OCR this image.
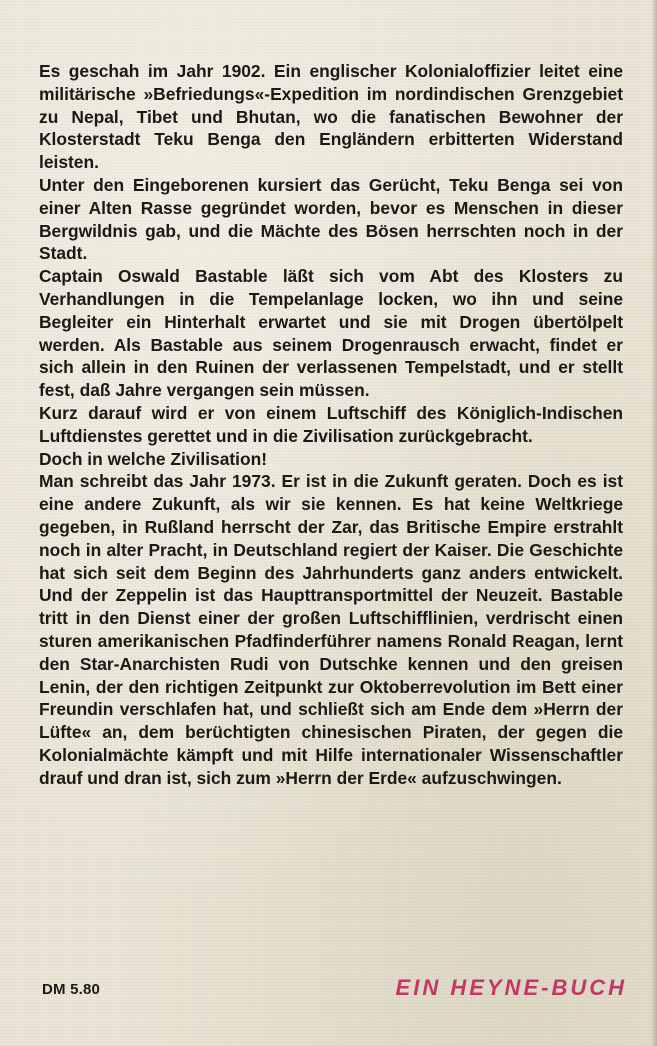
Es geschah im Jahr 1902. Ein englischer Kolonialoffizier leitet eine militärische »Befriedungs«-Expedition im nordindischen Grenzgebiet zu Nepal, Tibet und Bhutan, wo die fanatischen Bewohner der Klosterstadt Teku Benga den Engländern erbitterten Widerstand leisten.

Unter den Eingeborenen kursiert das Gerücht, Teku Benga sei von einer Alten Rasse gegründet worden, bevor es Menschen in dieser Bergwildnis gab, und die Mächte des Bösen herrschten noch in der Stadt.

Captain Oswald Bastable läßt sich vom Abt des Klosters zu Verhandlungen in die Tempelanlage locken, wo ihn und seine Begleiter ein Hinterhalt erwartet und sie mit Drogen übertölpelt werden. Als Bastable aus seinem Drogenrausch erwacht, findet er sich allein in den Ruinen der verlassenen Tempelstadt, und er stellt fest, daß Jahre vergangen sein müssen.

Kurz darauf wird er von einem Luftschiff des Königlich-Indischen Luftdienstes gerettet und in die Zivilisation zurückgebracht.

Doch in welche Zivilisation!

Man schreibt das Jahr 1973. Er ist in die Zukunft geraten. Doch es ist eine andere Zukunft, als wir sie kennen. Es hat keine Weltkriege gegeben, in Rußland herrscht der Zar, das Britische Empire erstrahlt noch in alter Pracht, in Deutschland regiert der Kaiser. Die Geschichte hat sich seit dem Beginn des Jahrhunderts ganz anders entwickelt. Und der Zeppelin ist das Haupttransportmittel der Neuzeit. Bastable tritt in den Dienst einer der großen Luftschifflinien, verdrischt einen sturen amerikanischen Pfadfinderführer namens Ronald Reagan, lernt den Star-Anarchisten Rudi von Dutschke kennen und den greisen Lenin, der den richtigen Zeitpunkt zur Oktoberrevolution im Bett einer Freundin verschlafen hat, und schließt sich am Ende dem »Herrn der Lüfte« an, dem berüchtigten chinesischen Piraten, der gegen die Kolonialmächte kämpft und mit Hilfe internationaler Wissenschaftler drauf und dran ist, sich zum »Herrn der Erde« aufzuschwingen.

DM 5.80	EIN HEYNE-BUCH
